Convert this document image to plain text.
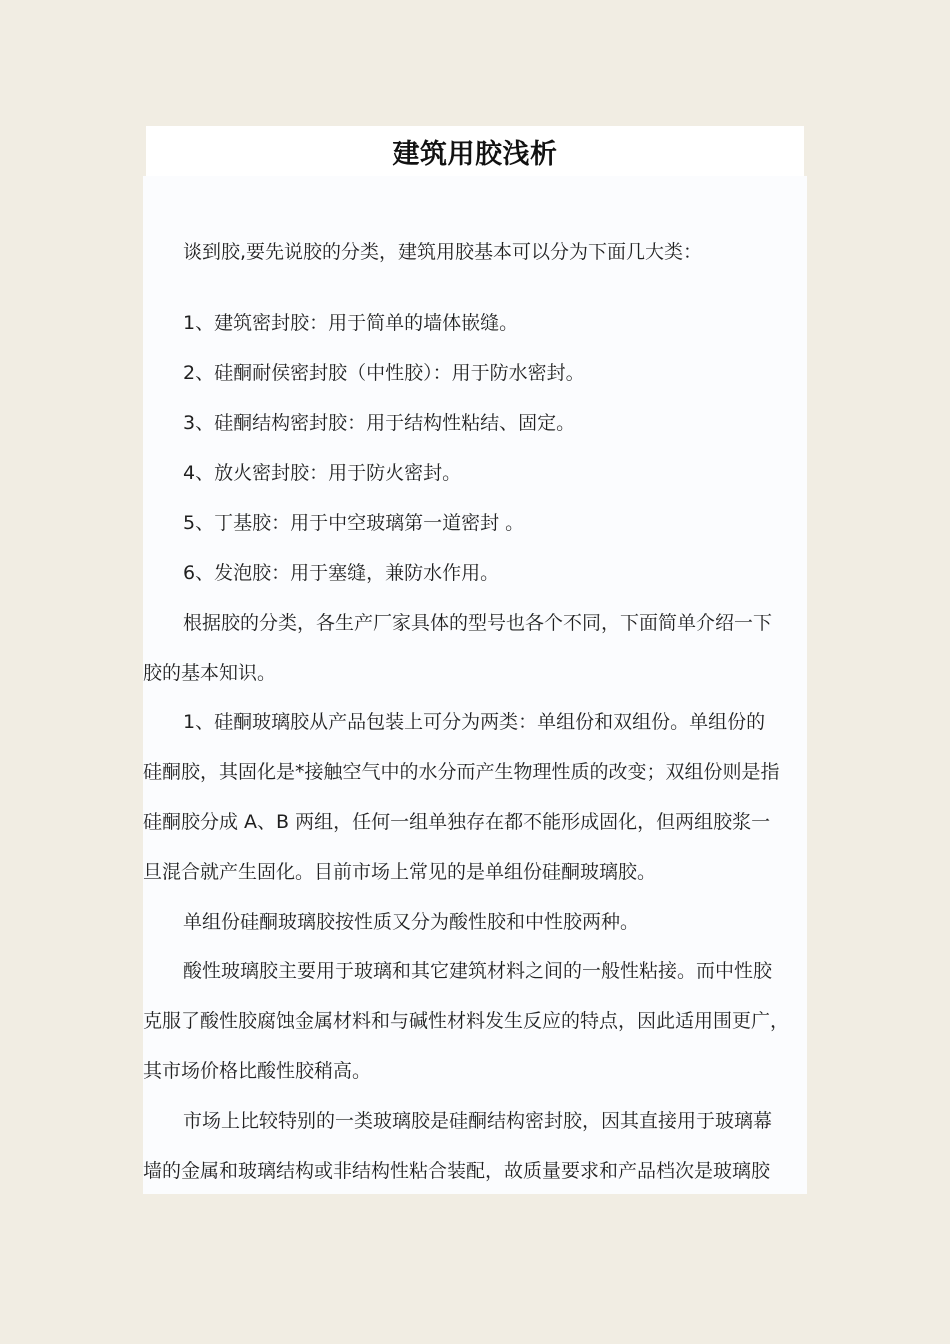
建筑用胶浅析
谈到胶,要先说胶的分类，建筑用胶基本可以分为下面几大类：
1、建筑密封胶：用于简单的墙体嵌缝。
2、硅酮耐侯密封胶（中性胶）：用于防水密封。
3、硅酮结构密封胶：用于结构性粘结、固定。
4、放火密封胶：用于防火密封。
5、丁基胶：用于中空玻璃第一道密封 。
6、发泡胶：用于塞缝，兼防水作用。
根据胶的分类，各生产厂家具体的型号也各个不同，下面简单介绍一下
胶的基本知识。
1、硅酮玻璃胶从产品包装上可分为两类：单组份和双组份。单组份的
硅酮胶，其固化是*接触空气中的水分而产生物理性质的改变；双组份则是指
硅酮胶分成 A、B 两组，任何一组单独存在都不能形成固化，但两组胶浆一
旦混合就产生固化。目前市场上常见的是单组份硅酮玻璃胶。
单组份硅酮玻璃胶按性质又分为酸性胶和中性胶两种。
酸性玻璃胶主要用于玻璃和其它建筑材料之间的一般性粘接。而中性胶
克服了酸性胶腐蚀金属材料和与碱性材料发生反应的特点，因此适用围更广，
其市场价格比酸性胶稍高。
市场上比较特别的一类玻璃胶是硅酮结构密封胶，因其直接用于玻璃幕
墙的金属和玻璃结构或非结构性粘合装配，故质量要求和产品档次是玻璃胶
